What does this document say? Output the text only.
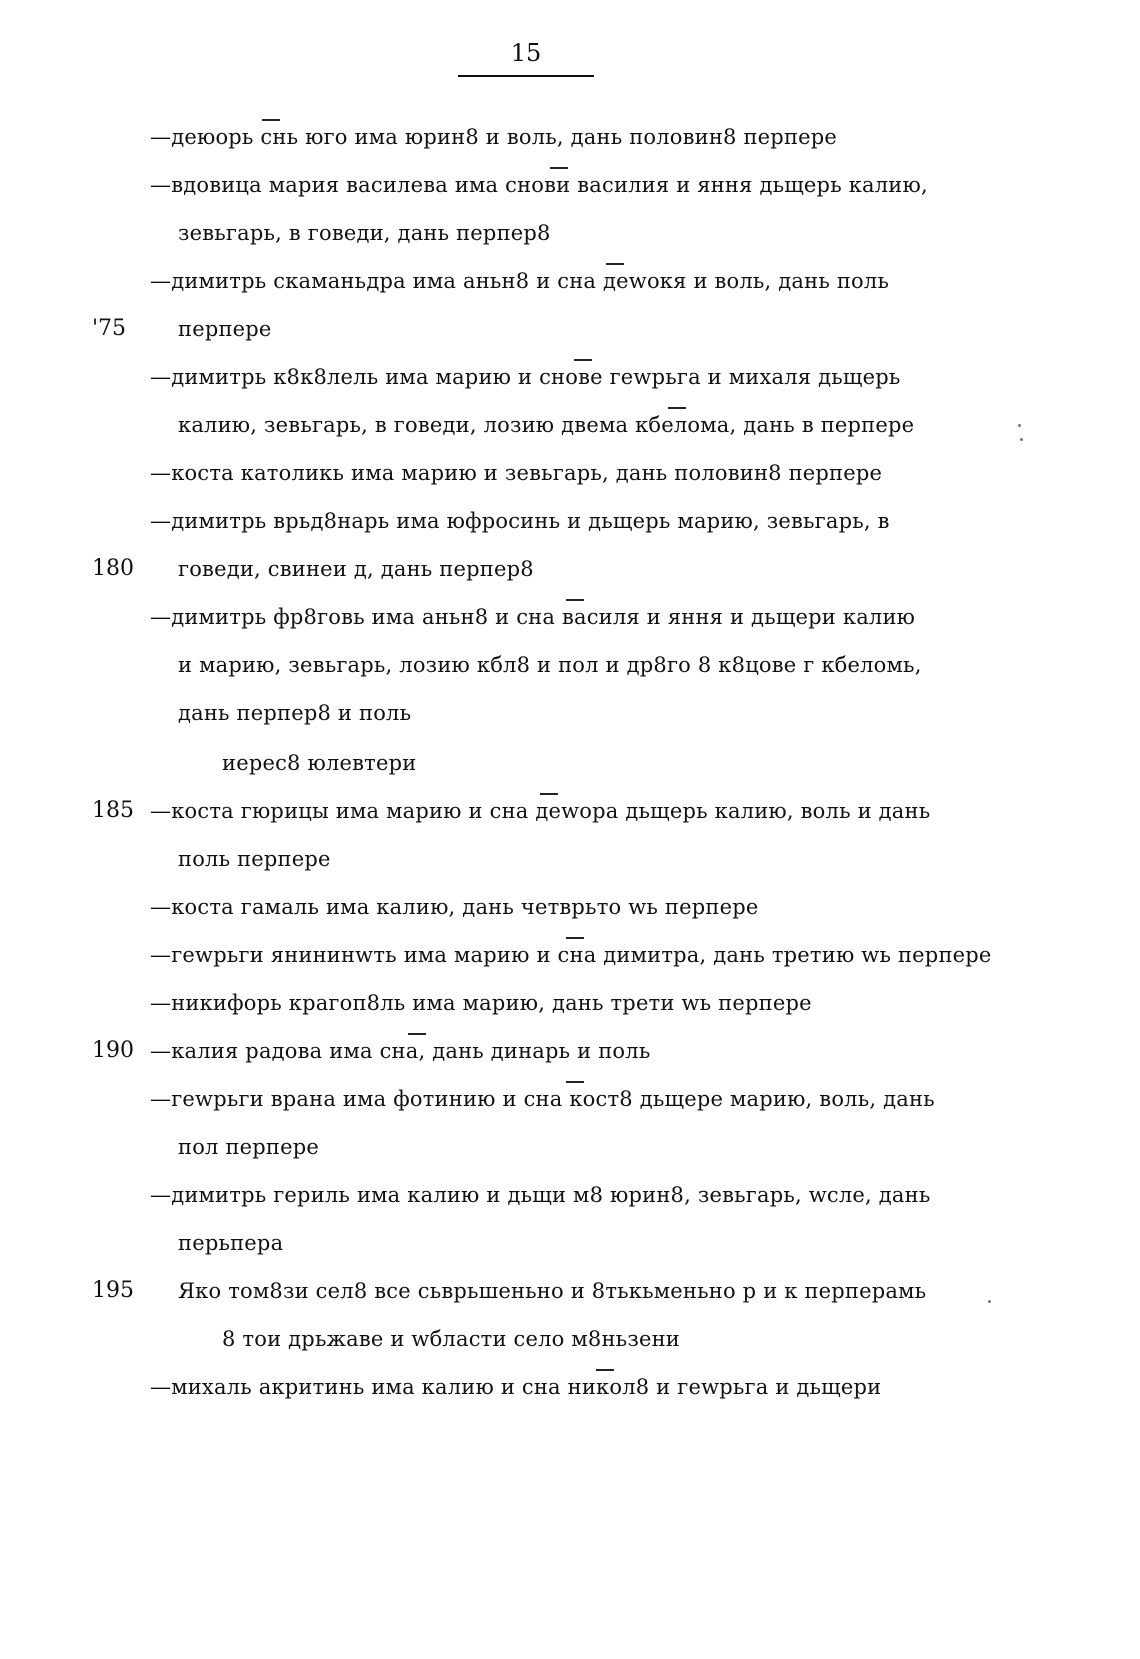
15
—деюорь снь юго има юрин8 и воль, дань половин8 перпере
—вдовица мария василева има снови василия и яння дьщерь калию,
зевьгарь, в говеди, дань перпер8
—димитрь скаманьдра има аньн8 и сна деwокя и воль, дань поль
'75	перпере
—димитрь к8к8лель има марию и снове геwрьга и михаля дьщерь
калию, зевьгарь, в говеди, лозию двема кбелома, дань в перпере
—коста католикь има марию и зевьгарь, дань половин8 перпере
—димитрь врьд8нарь има юфросинь и дьщерь марию, зевьгарь, в
180	говеди, свинеи д, дань перпер8
—димитрь фр8говь има аньн8 и сна василя и яння и дьщери калию
и марию, зевьгарь, лозию кбл8 и пол и др8го 8 к8цове г кбеломь,
дань перпер8 и поль
иерес8 юлевтери
185 —коста гюрицы има марию и сна деwора дьщерь калию, воль и дань
поль перпере
—коста гамаль има калию, дань четврьто wь перпере
—геwрьги янининwть има марию и сна димитра, дань третию wь перпере
—никифорь крагоп8ль има марию, дань трети wь перпере
190 —калия радова има сна, дань динарь и поль
—геwрьги врана има фотинию и сна кост8 дьщере марию, воль, дань
пол перпере
—димитрь гериль има калию и дьщи м8 юрин8, зевьгарь, wсле, дань
перьпера
195	Яко том8зи сел8 все сьврьшеньно и 8тькьменьно р и к перперамь
8 тои дрьжаве и wбласти село м8ньзени
—михаль акритинь има калию и сна никол8 и геwрьга и дьщери
